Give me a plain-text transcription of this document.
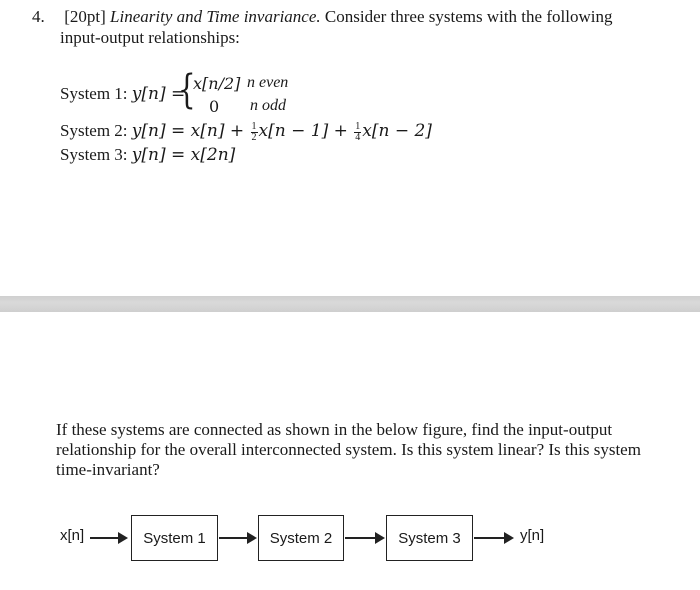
4. [20pt] Linearity and Time invariance. Consider three systems with the following
input-output relationships:
System 1: y[n] =
{
x[n/2] n even
0 n odd
System 2: $y[n] = x[n] + \frac{1}{2} x[n - 1] + \frac{1}{4} x[n - 2]$
System 3: y[n] = x[2n]
If these systems are connected as shown in the below figure, find the input-output relationship for the overall interconnected system. Is this system linear? Is this system time-invariant?
x[n]	System 1	System 2	System 3	y[n]
